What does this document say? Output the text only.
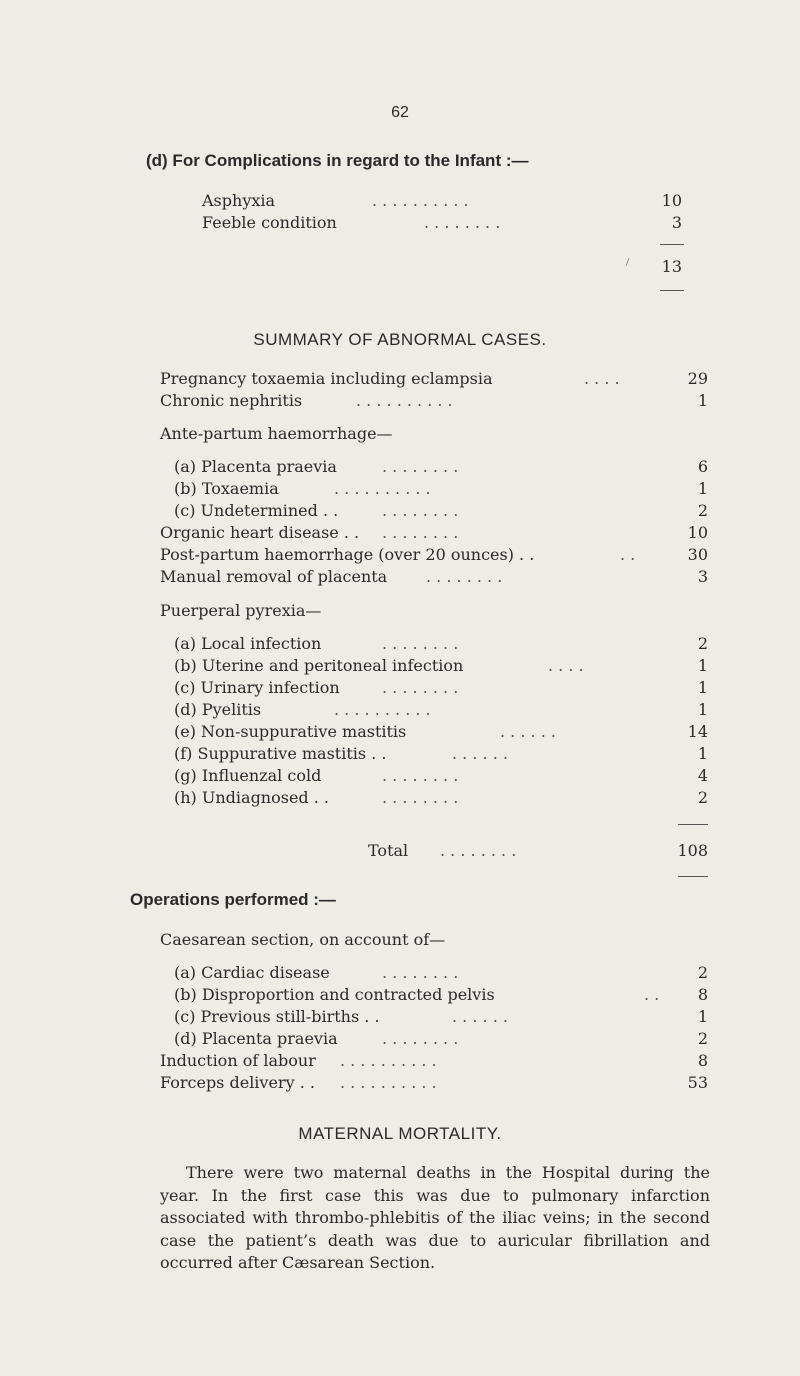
62
(d) For Complications in regard to the Infant :—
Asphyxia	. . . . . . . . . .	10
Feeble condition	. . . . . . . .	3
13
SUMMARY OF ABNORMAL CASES.
Pregnancy toxaemia including eclampsia	. . . .	29
Chronic nephritis	. . . . . . . . . .	1
Ante-partum haemorrhage—
(a) Placenta praevia	. . . . . . . .	6
(b) Toxaemia	. . . . . . . . . .	1
(c) Undetermined . .	. . . . . . . .	2
Organic heart disease . . . . . . . . . .	10
Post-partum haemorrhage (over 20 ounces) . .	. .	30
Manual removal of placenta . . . . . . . .	3
Puerperal pyrexia—
(a) Local infection	. . . . . . . .	2
(b) Uterine and peritoneal infection	. . . .	1
(c) Urinary infection	. . . . . . . .	1
(d) Pyelitis	. . . . . . . . . .	1
(e) Non-suppurative mastitis	. . . . . .	14
(f) Suppurative mastitis . .	. . . . . .	1
(g) Influenzal cold	. . . . . . . .	4
(h) Undiagnosed . .	. . . . . . . .	2
Total . . . . . . . .	108
Operations performed :—
Caesarean section, on account of—
(a) Cardiac disease	. . . . . . . .	2
(b) Disproportion and contracted pelvis	. .	8
(c) Previous still-births . .	. . . . . .	1
(d) Placenta praevia	. . . . . . . .	2
Induction of labour . . . . . . . . . .	8
Forceps delivery . . . . . . . . . . . .	53
MATERNAL MORTALITY.

There were two maternal deaths in the Hospital during the year. In the first case this was due to pulmonary infarction associated with thrombo-phlebitis of the iliac veins; in the second case the patient’s death was due to auricular fibrillation and occurred after Cæsarean Section.
